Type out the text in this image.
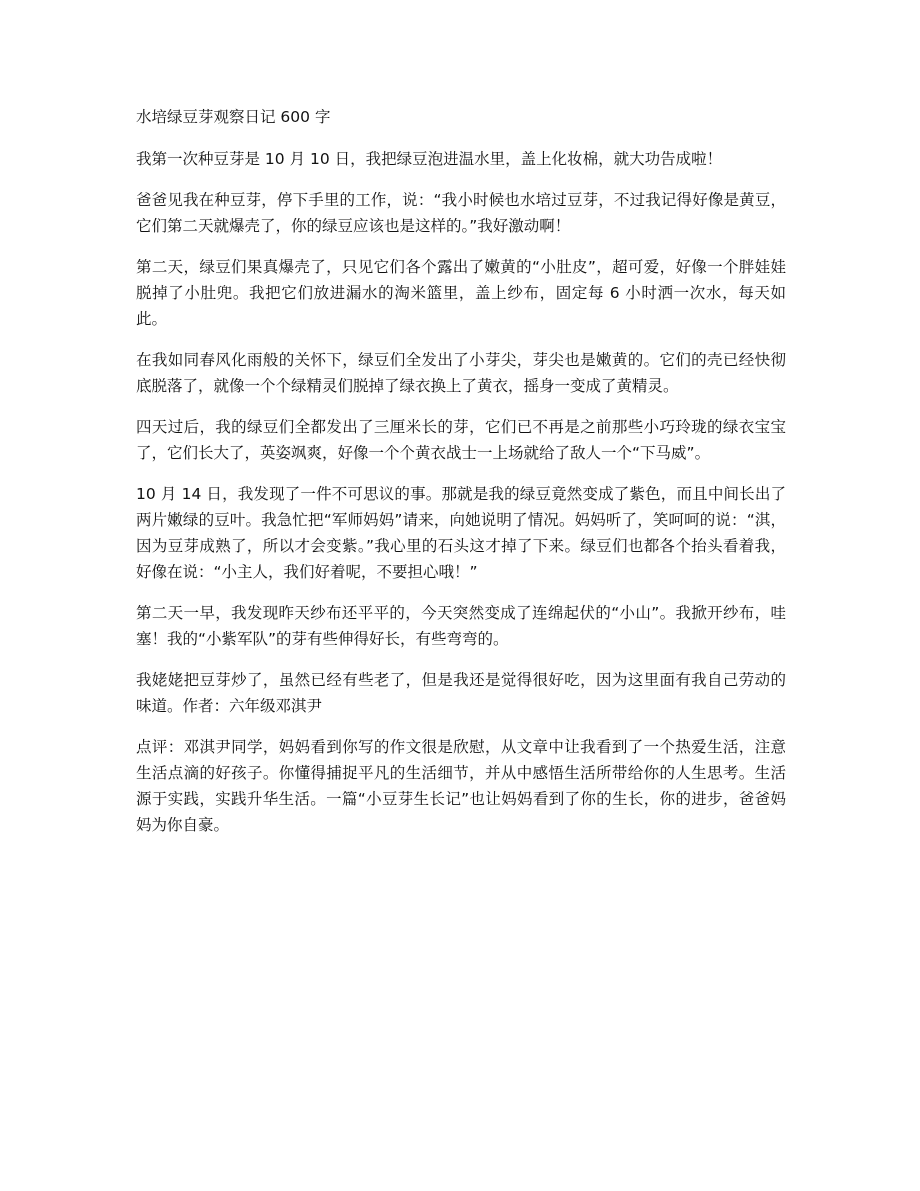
水培绿豆芽观察日记 600 字

我第一次种豆芽是 10 月 10 日，我把绿豆泡进温水里，盖上化妆棉，就大功告成啦！

爸爸见我在种豆芽，停下手里的工作，说：“我小时候也水培过豆芽，不过我记得好像是黄豆，它们第二天就爆壳了，你的绿豆应该也是这样的。”我好激动啊！

第二天，绿豆们果真爆壳了，只见它们各个露出了嫩黄的“小肚皮”，超可爱，好像一个胖娃娃脱掉了小肚兜。我把它们放进漏水的淘米篮里，盖上纱布，固定每 6 小时洒一次水，每天如此。

在我如同春风化雨般的关怀下，绿豆们全发出了小芽尖，芽尖也是嫩黄的。它们的壳已经快彻底脱落了，就像一个个绿精灵们脱掉了绿衣换上了黄衣，摇身一变成了黄精灵。

四天过后，我的绿豆们全都发出了三厘米长的芽，它们已不再是之前那些小巧玲珑的绿衣宝宝了，它们长大了，英姿飒爽，好像一个个黄衣战士一上场就给了敌人一个“下马威”。

10 月 14 日，我发现了一件不可思议的事。那就是我的绿豆竟然变成了紫色，而且中间长出了两片嫩绿的豆叶。我急忙把“军师妈妈”请来，向她说明了情况。妈妈听了，笑呵呵的说：“淇，因为豆芽成熟了，所以才会变紫。”我心里的石头这才掉了下来。绿豆们也都各个抬头看着我，好像在说：“小主人，我们好着呢，不要担心哦！”

第二天一早，我发现昨天纱布还平平的，今天突然变成了连绵起伏的“小山”。我掀开纱布，哇塞！我的“小紫军队”的芽有些伸得好长，有些弯弯的。

我姥姥把豆芽炒了，虽然已经有些老了，但是我还是觉得很好吃，因为这里面有我自己劳动的味道。作者：六年级邓淇尹

点评：邓淇尹同学，妈妈看到你写的作文很是欣慰，从文章中让我看到了一个热爱生活，注意生活点滴的好孩子。你懂得捕捉平凡的生活细节，并从中感悟生活所带给你的人生思考。生活源于实践，实践升华生活。一篇“小豆芽生长记”也让妈妈看到了你的生长，你的进步，爸爸妈妈为你自豪。
